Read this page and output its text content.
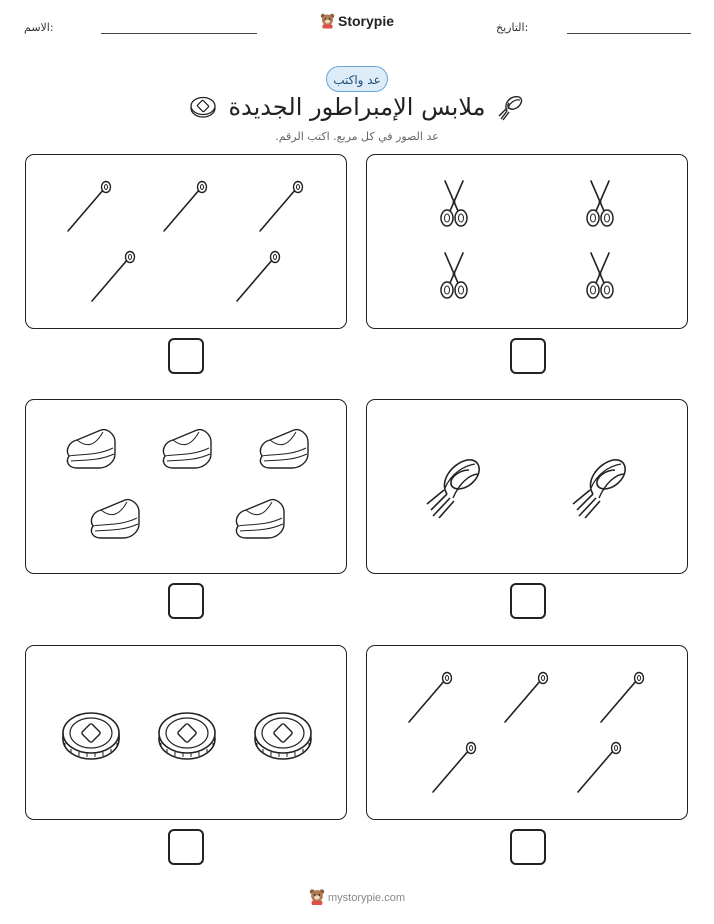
الاسم:	التاريخ:
Storypie
عد واكتب
ملابس الإمبراطور الجديدة
عد الصور في كل مربع. اكتب الرقم.
mystorypie.com
